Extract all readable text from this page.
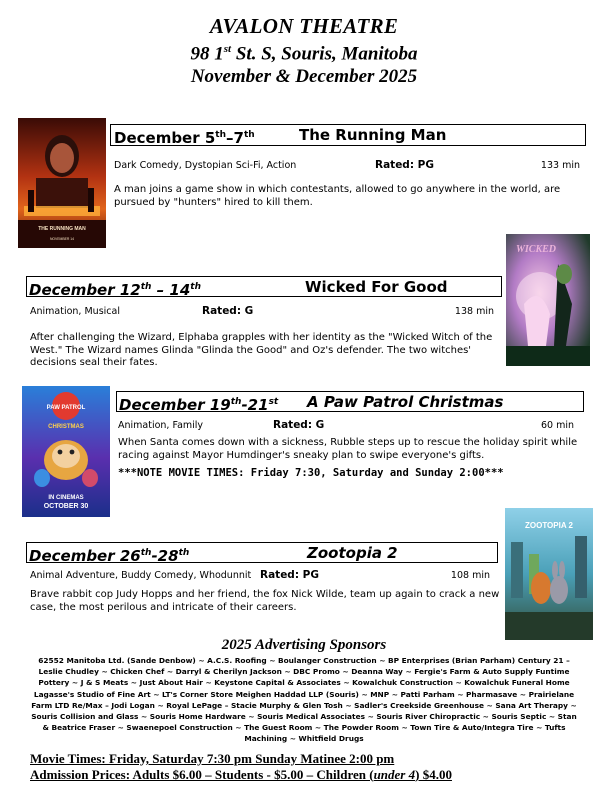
AVALON THEATRE
98 1st St. S, Souris, Manitoba
November & December 2025
THE RUNNING MAN
NOVEMBER 14
December 5th–7th	The Running Man
Dark Comedy, Dystopian Sci-Fi, Action	Rated: PG	133 min
A man joins a game show in which contestants, allowed to go anywhere in the world, are pursued by "hunters" hired to kill them.
WICKED
December 12th – 14th	Wicked For Good
Animation, Musical	Rated: G	138 min
After challenging the Wizard, Elphaba grapples with her identity as the "Wicked Witch of the West." The Wizard names Glinda "Glinda the Good" and Oz's defender. The two witches' decisions seal their fates.
PAW PATROL
CHRISTMAS
IN CINEMAS
OCTOBER 30
December 19th-21st A Paw Patrol Christmas
Animation, Family	Rated: G	60 min
When Santa comes down with a sickness, Rubble steps up to rescue the holiday spirit while racing against Mayor Humdinger's sneaky plan to swipe everyone's gifts.
***NOTE MOVIE TIMES: Friday 7:30, Saturday and Sunday 2:00***
ZOOTOPIA 2
December 26th-28th	Zootopia 2
Animal Adventure, Buddy Comedy, Whodunnit Rated: PG	108 min
Brave rabbit cop Judy Hopps and her friend, the fox Nick Wilde, team up again to crack a new case, the most perilous and intricate of their careers.
2025 Advertising Sponsors
62552 Manitoba Ltd. (Sande Denbow) ~ A.C.S. Roofing ~ Boulanger Construction ~ BP Enterprises (Brian Parham) Century 21 – Leslie Chudley ~ Chicken Chef ~ Darryl & Cherilyn Jackson ~ DBC Promo ~ Deanna Way ~ Fergie's Farm & Auto Supply Funtime Pottery ~ J & S Meats ~ Just About Hair ~ Keystone Capital & Associates ~ Kowalchuk Construction ~ Kowalchuk Funeral Home Lagasse's Studio of Fine Art ~ LT's Corner Store Meighen Haddad LLP (Souris) ~ MNP ~ Patti Parham ~ Pharmasave ~ Prairielane Farm LTD Re/Max – Jodi Logan ~ Royal LePage – Stacie Murphy & Glen Tosh ~ Sadler's Creekside Greenhouse ~ Sana Art Therapy ~ Souris Collision and Glass ~ Souris Home Hardware ~ Souris Medical Associates ~ Souris River Chiropractic ~ Souris Septic ~ Stan & Beatrice Fraser ~ Swaenepoel Construction ~ The Guest Room ~ The Powder Room ~ Town Tire & Auto/Integra Tire ~ Tufts Machining ~ Whitfield Drugs
Movie Times: Friday, Saturday 7:30 pm Sunday Matinee 2:00 pm
Admission Prices: Adults $6.00 – Students - $5.00 – Children (under 4) $4.00
